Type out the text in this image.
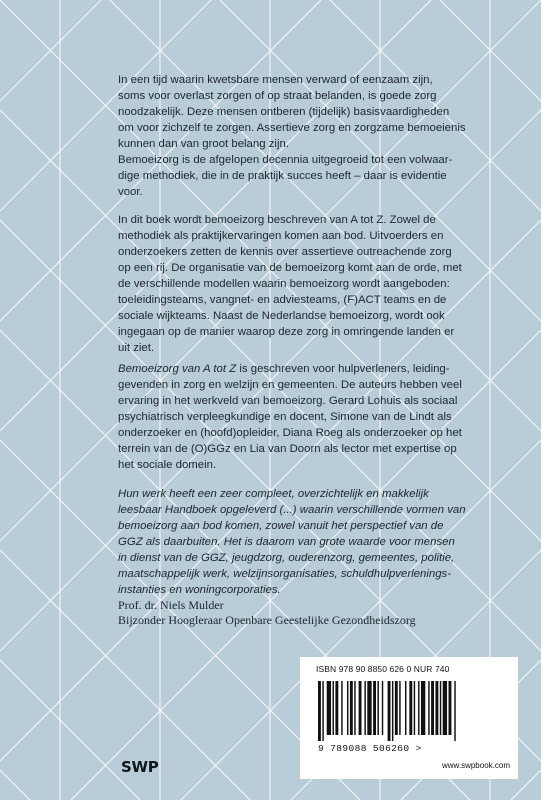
In een tijd waarin kwetsbare mensen verward of eenzaam zijn,

soms voor overlast zorgen of op straat belanden, is goede zorg

noodzakelijk. Deze mensen ontberen (tijdelijk) basisvaardigheden

om voor zichzelf te zorgen. Assertieve zorg en zorgzame bemoeienis

kunnen dan van groot belang zijn.

Bemoeizorg is de afgelopen decennia uitgegroeid tot een volwaar-

dige methodiek, die in de praktijk succes heeft – daar is evidentie

voor.

In dit boek wordt bemoeizorg beschreven van A tot Z. Zowel de

methodiek als praktijkervaringen komen aan bod. Uitvoerders en

onderzoekers zetten de kennis over assertieve outreachende zorg

op een rij. De organisatie van de bemoeizorg komt aan de orde, met

de verschillende modellen waarin bemoeizorg wordt aangeboden:

toeleidingsteams, vangnet- en adviesteams, (F)ACT teams en de

sociale wijkteams. Naast de Nederlandse bemoeizorg, wordt ook

ingegaan op de manier waarop deze zorg in omringende landen er

uit ziet.

Bemoeizorg van A tot Z is geschreven voor hulpverleners, leiding-

gevenden in zorg en welzijn en gemeenten. De auteurs hebben veel

ervaring in het werkveld van bemoeizorg. Gerard Lohuis als sociaal

psychiatrisch verpleegkundige en docent, Simone van de Lindt als

onderzoeker en (hoofd)opleider, Diana Roeg als onderzoeker op het

terrein van de (O)GGz en Lia van Doorn als lector met expertise op

het sociale domein.

Hun werk heeft een zeer compleet, overzichtelijk en makkelijk

leesbaar Handboek opgeleverd (...) waarin verschillende vormen van

bemoeizorg aan bod komen, zowel vanuit het perspectief van de

GGZ als daarbuiten. Het is daarom van grote waarde voor mensen

in dienst van de GGZ, jeugdzorg, ouderenzorg, gemeentes, politie,

maatschappelijk werk, welzijnsorganisaties, schuldhulpverlenings-

instanties en woningcorporaties.

Prof. dr. Niels Mulder

Bijzonder Hoogleraar Openbare Geestelijke Gezondheidszorg

ISBN 978 90 8850 626 0 NUR 740
9 789088 506260 >
www.swpbook.com
SWP
